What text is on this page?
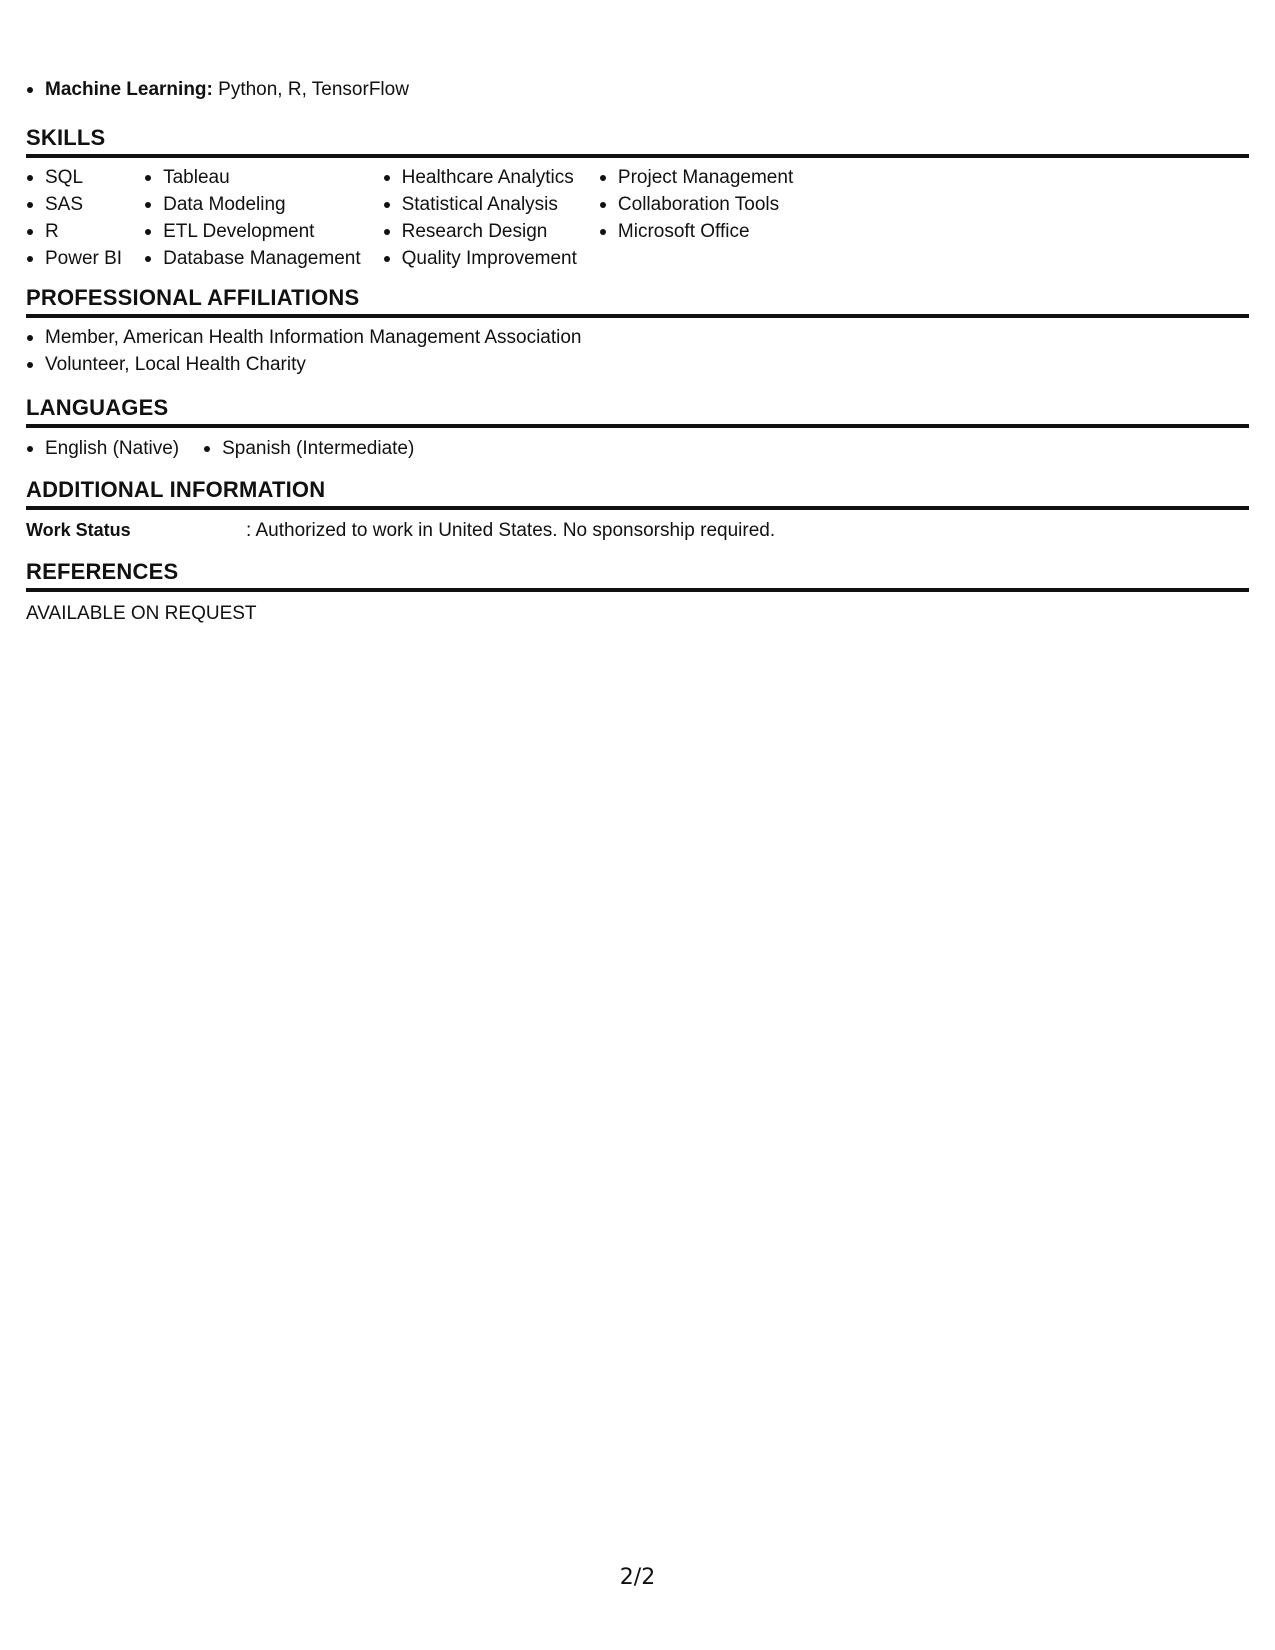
Machine Learning: Python, R, TensorFlow
SKILLS
SQL
SAS
R
Power BI
Tableau
Data Modeling
ETL Development
Database Management
Healthcare Analytics
Statistical Analysis
Research Design
Quality Improvement
Project Management
Collaboration Tools
Microsoft Office
PROFESSIONAL AFFILIATIONS
Member, American Health Information Management Association
Volunteer, Local Health Charity
LANGUAGES
English (Native)	Spanish (Intermediate)
ADDITIONAL INFORMATION
Work Status	: Authorized to work in United States. No sponsorship required.
REFERENCES
AVAILABLE ON REQUEST
2/2
